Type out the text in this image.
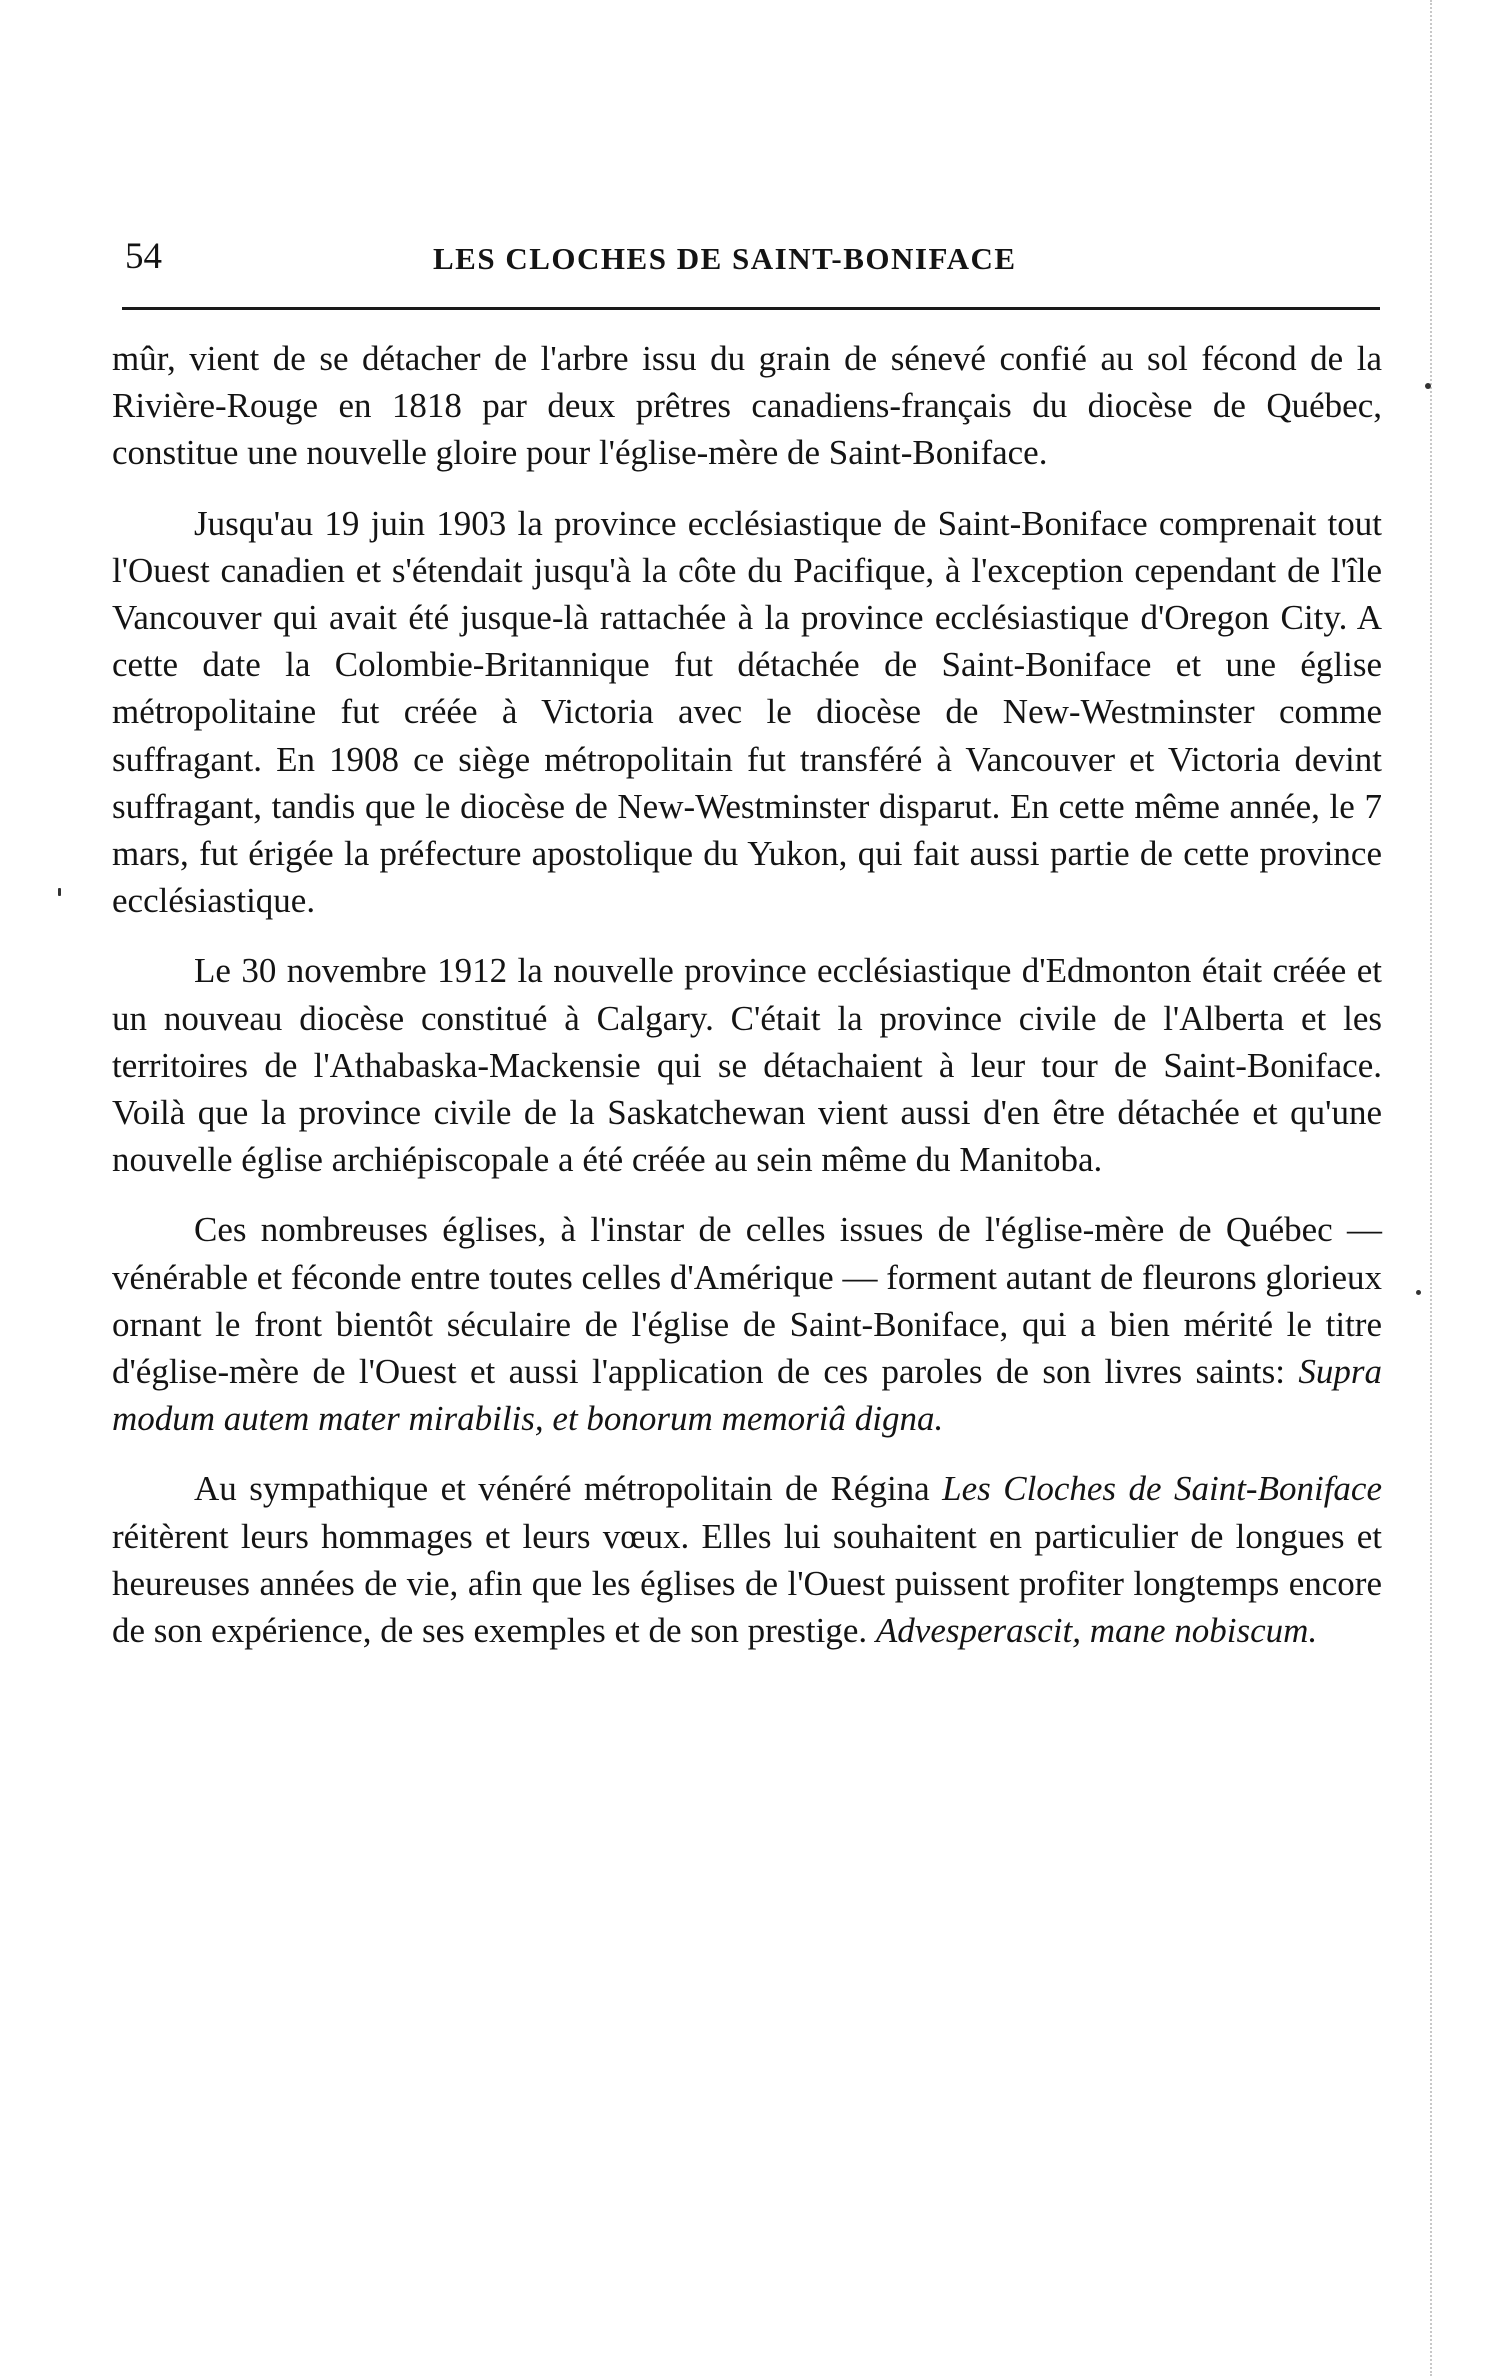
54	LES CLOCHES DE SAINT-BONIFACE

mûr, vient de se détacher de l'arbre issu du grain de sénevé confié au sol fécond de la Rivière-Rouge en 1818 par deux prêtres canadiens-français du diocèse de Québec, constitue une nouvelle gloire pour l'église-mère de Saint-Boniface.

Jusqu'au 19 juin 1903 la province ecclésiastique de Saint-Boniface comprenait tout l'Ouest canadien et s'étendait jusqu'à la côte du Pacifique, à l'exception cependant de l'île Vancouver qui avait été jusque-là rattachée à la province ecclésiastique d'Oregon City. A cette date la Colombie-Britannique fut détachée de Saint-Boniface et une église métropolitaine fut créée à Victoria avec le diocèse de New-Westminster comme suffragant. En 1908 ce siège métropolitain fut transféré à Vancouver et Victoria devint suffragant, tandis que le diocèse de New-Westminster disparut. En cette même année, le 7 mars, fut érigée la préfecture apostolique du Yukon, qui fait aussi partie de cette province ecclésiastique.

Le 30 novembre 1912 la nouvelle province ecclésiastique d'Edmonton était créée et un nouveau diocèse constitué à Calgary. C'était la province civile de l'Alberta et les territoires de l'Athabaska-Mackensie qui se détachaient à leur tour de Saint-Boniface. Voilà que la province civile de la Saskatchewan vient aussi d'en être détachée et qu'une nouvelle église archiépiscopale a été créée au sein même du Manitoba.

Ces nombreuses églises, à l'instar de celles issues de l'église-mère de Québec — vénérable et féconde entre toutes celles d'Amérique — forment autant de fleurons glorieux ornant le front bientôt séculaire de l'église de Saint-Boniface, qui a bien mérité le titre d'église-mère de l'Ouest et aussi l'application de ces paroles de son livres saints: Supra modum autem mater mirabilis, et bonorum memoriâ digna.

Au sympathique et vénéré métropolitain de Régina Les Cloches de Saint-Boniface réitèrent leurs hommages et leurs vœux. Elles lui souhaitent en particulier de longues et heureuses années de vie, afin que les églises de l'Ouest puissent profiter longtemps encore de son expérience, de ses exemples et de son prestige. Advesperascit, mane nobiscum.
